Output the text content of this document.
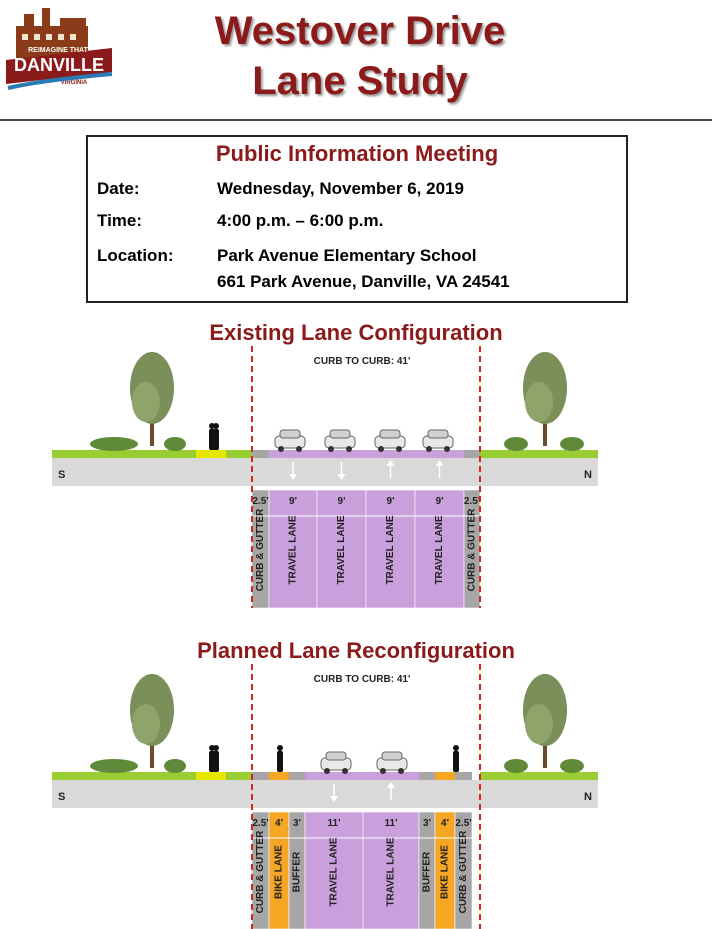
REIMAGINE THAT
DANVILLE
VIRGINIA
Westover Drive
Lane Study
Public Information Meeting
Date:	Wednesday, November 6, 2019
Time:	4:00 p.m. – 6:00 p.m.
Location:	Park Avenue Elementary School
661 Park Avenue, Danville, VA 24541
Existing Lane Configuration
CURB TO CURB: 41'
S	N
2.5'
CURB & GUTTER
9'
TRAVEL LANE
9'
TRAVEL LANE
9'
TRAVEL LANE
9'
TRAVEL LANE
2.5'
CURB & GUTTER
Planned Lane Reconfiguration
CURB TO CURB: 41'
S	N
2.5'
CURB & GUTTER
4'
BIKE LANE
3'
BUFFER
11'
TRAVEL LANE
11'
TRAVEL LANE
3'
BUFFER
4'
BIKE LANE
2.5'
CURB & GUTTER
